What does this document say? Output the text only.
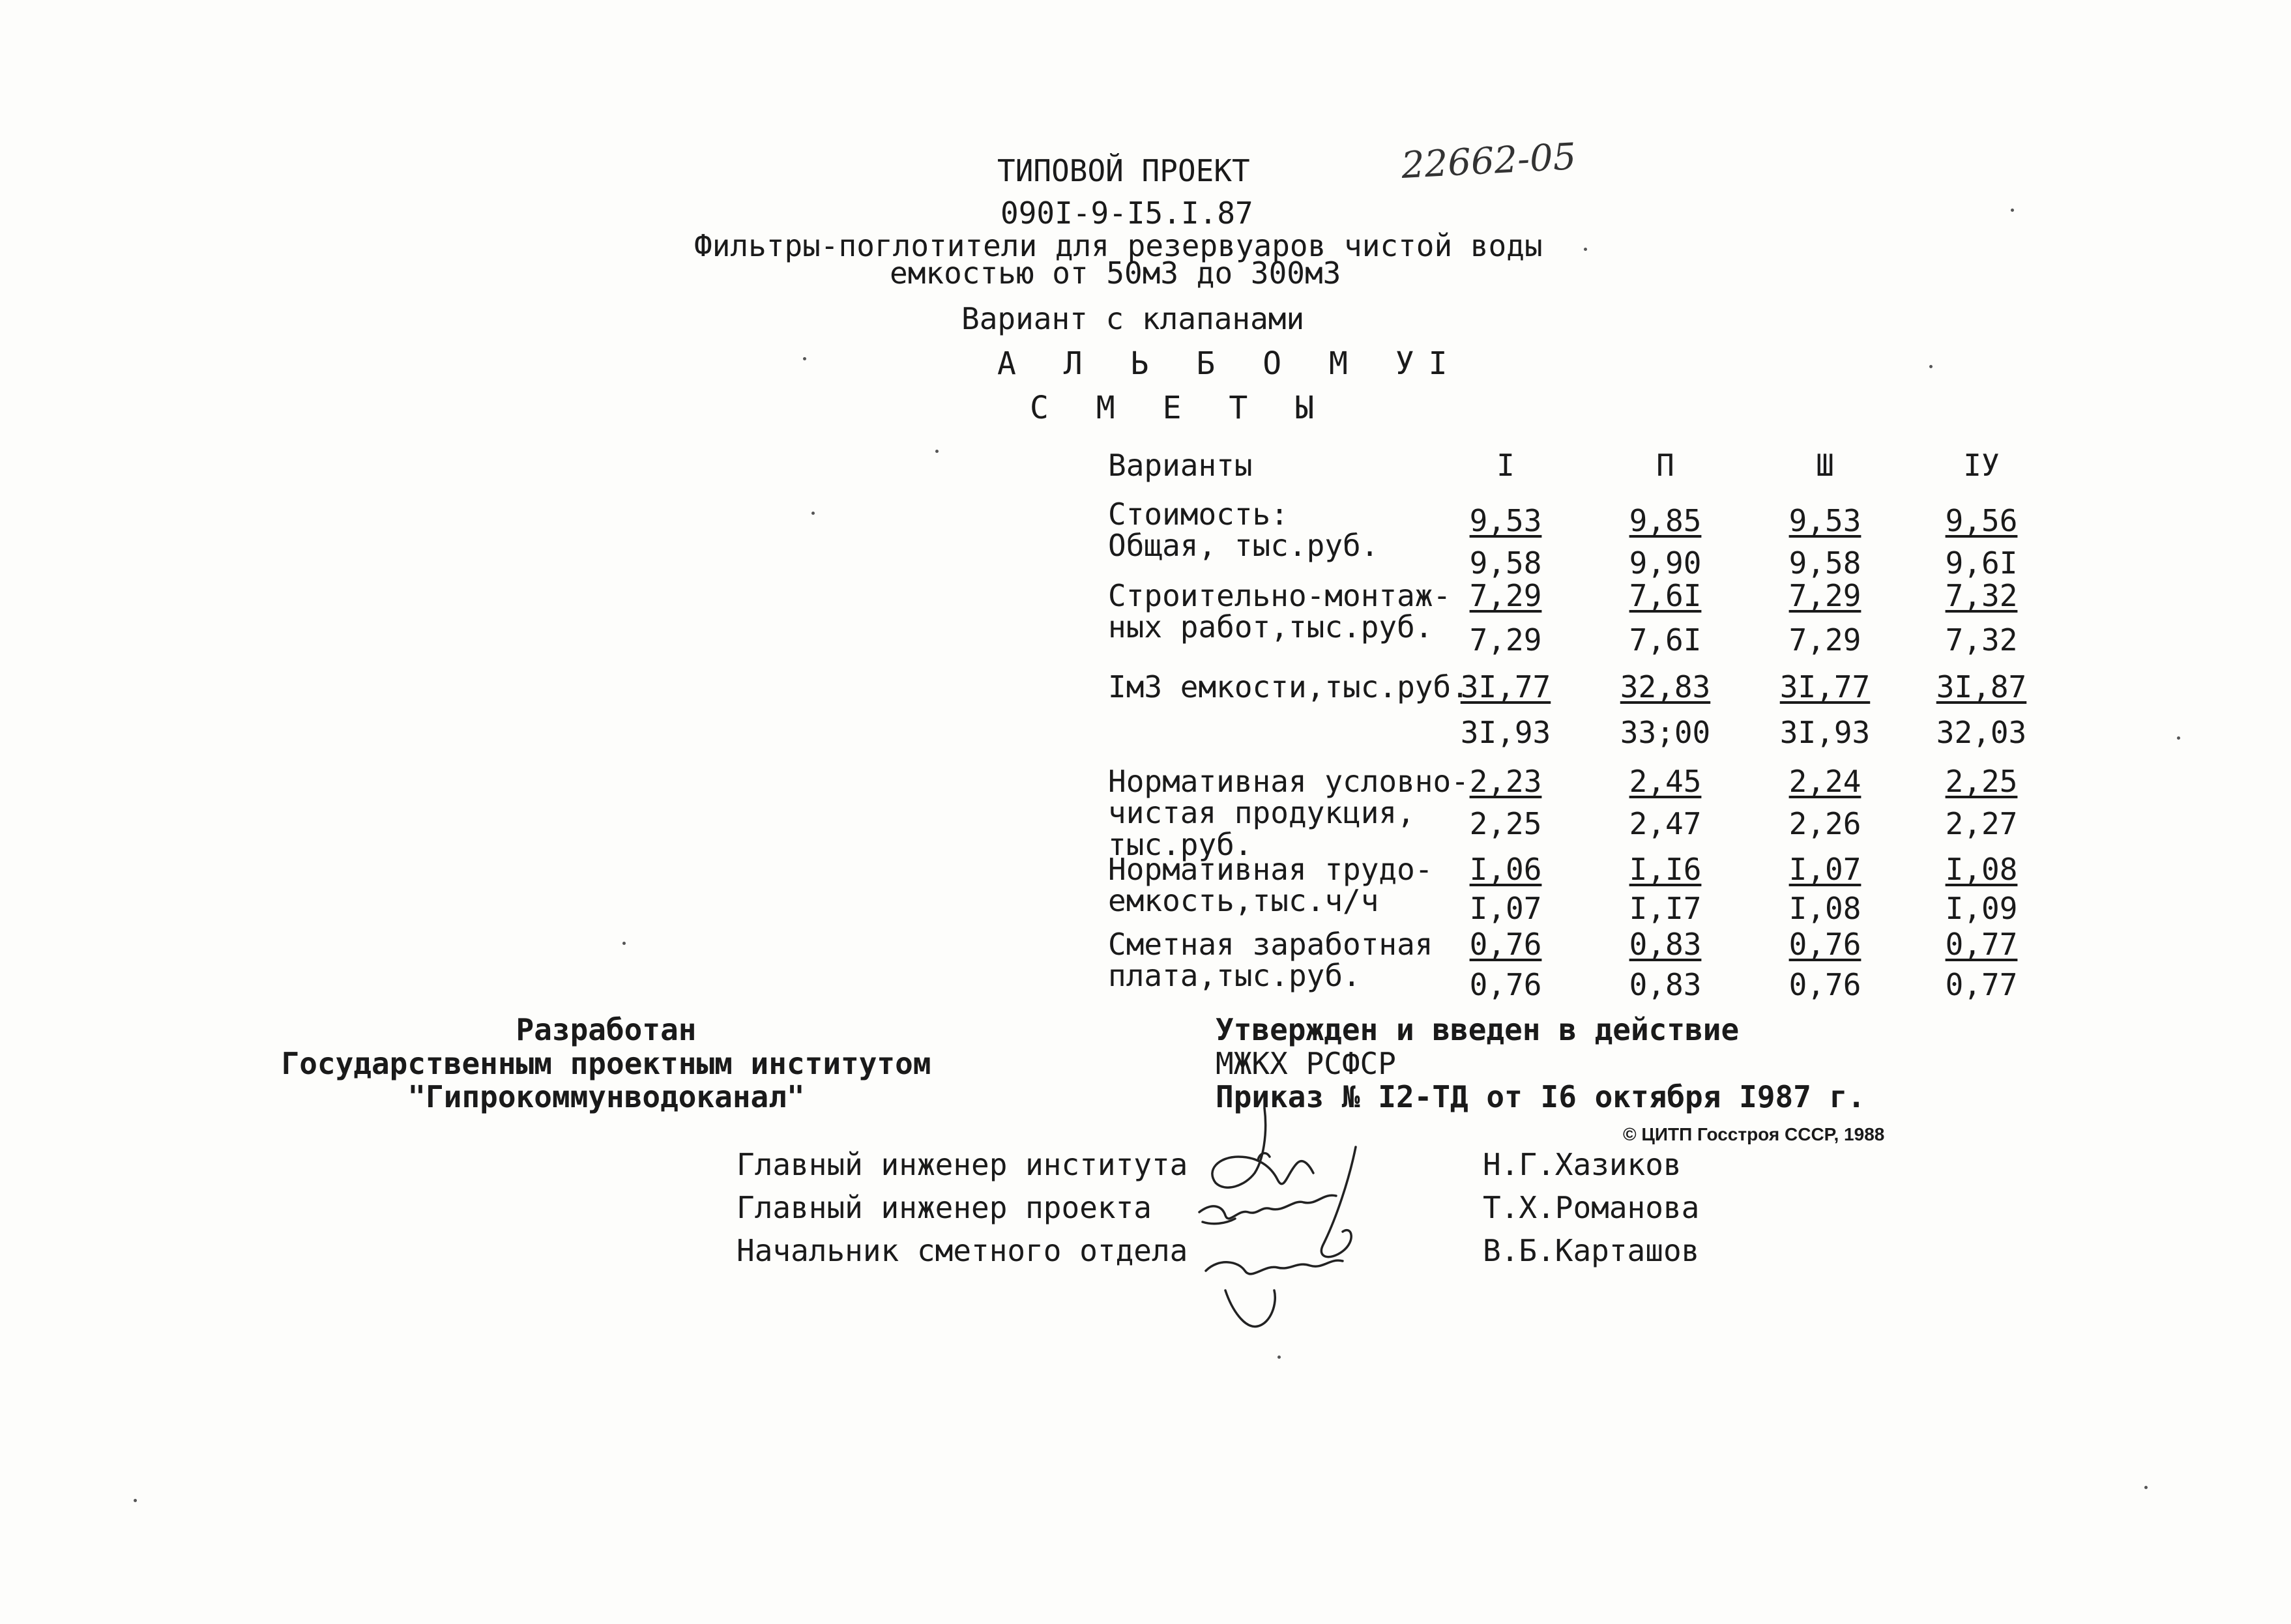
ТИПОВОЙ ПРОЕКТ	22662-05
090I-9-I5.I.87
Фильтры-поглотители для резервуаров чистой воды
емкостью от 50м3 до 300м3
Вариант с клапанами
А Л Ь Б О М УI
С М Е Т Ы
Варианты	I	П	Ш	IУ
Стоимость:
Общая, тыс.руб.
9,53	9,85	9,53	9,56
9,58	9,90	9,58	9,6I
Строительно-монтаж-
ных работ,тыс.руб.
7,29	7,6I	7,29	7,32
7,29	7,6I	7,29	7,32
Iм3 емкости,тыс.руб.
3I,77	32,83	3I,77	3I,87
3I,93	33;00	3I,93	32,03
Нормативная условно-
чистая продукция,
тыс.руб.
2,23	2,45	2,24	2,25
2,25	2,47	2,26	2,27
Нормативная трудо-
емкость,тыс.ч/ч
I,06	I,I6	I,07	I,08
I,07	I,I7	I,08	I,09
Сметная заработная
плата,тыс.руб.
0,76	0,83	0,76	0,77
0,76	0,83	0,76	0,77
Разработан
Государственным проектным институтом
"Гипрокоммунводоканал"
Утвержден и введен в действие
МЖКХ РСФСР
Приказ № I2-ТД от I6 октября I987 г.
© ЦИТП Госстроя СССР, 1988
Главный инженер института
Главный инженер проекта
Начальник сметного отдела
Н.Г.Хазиков
Т.Х.Романова
В.Б.Карташов
